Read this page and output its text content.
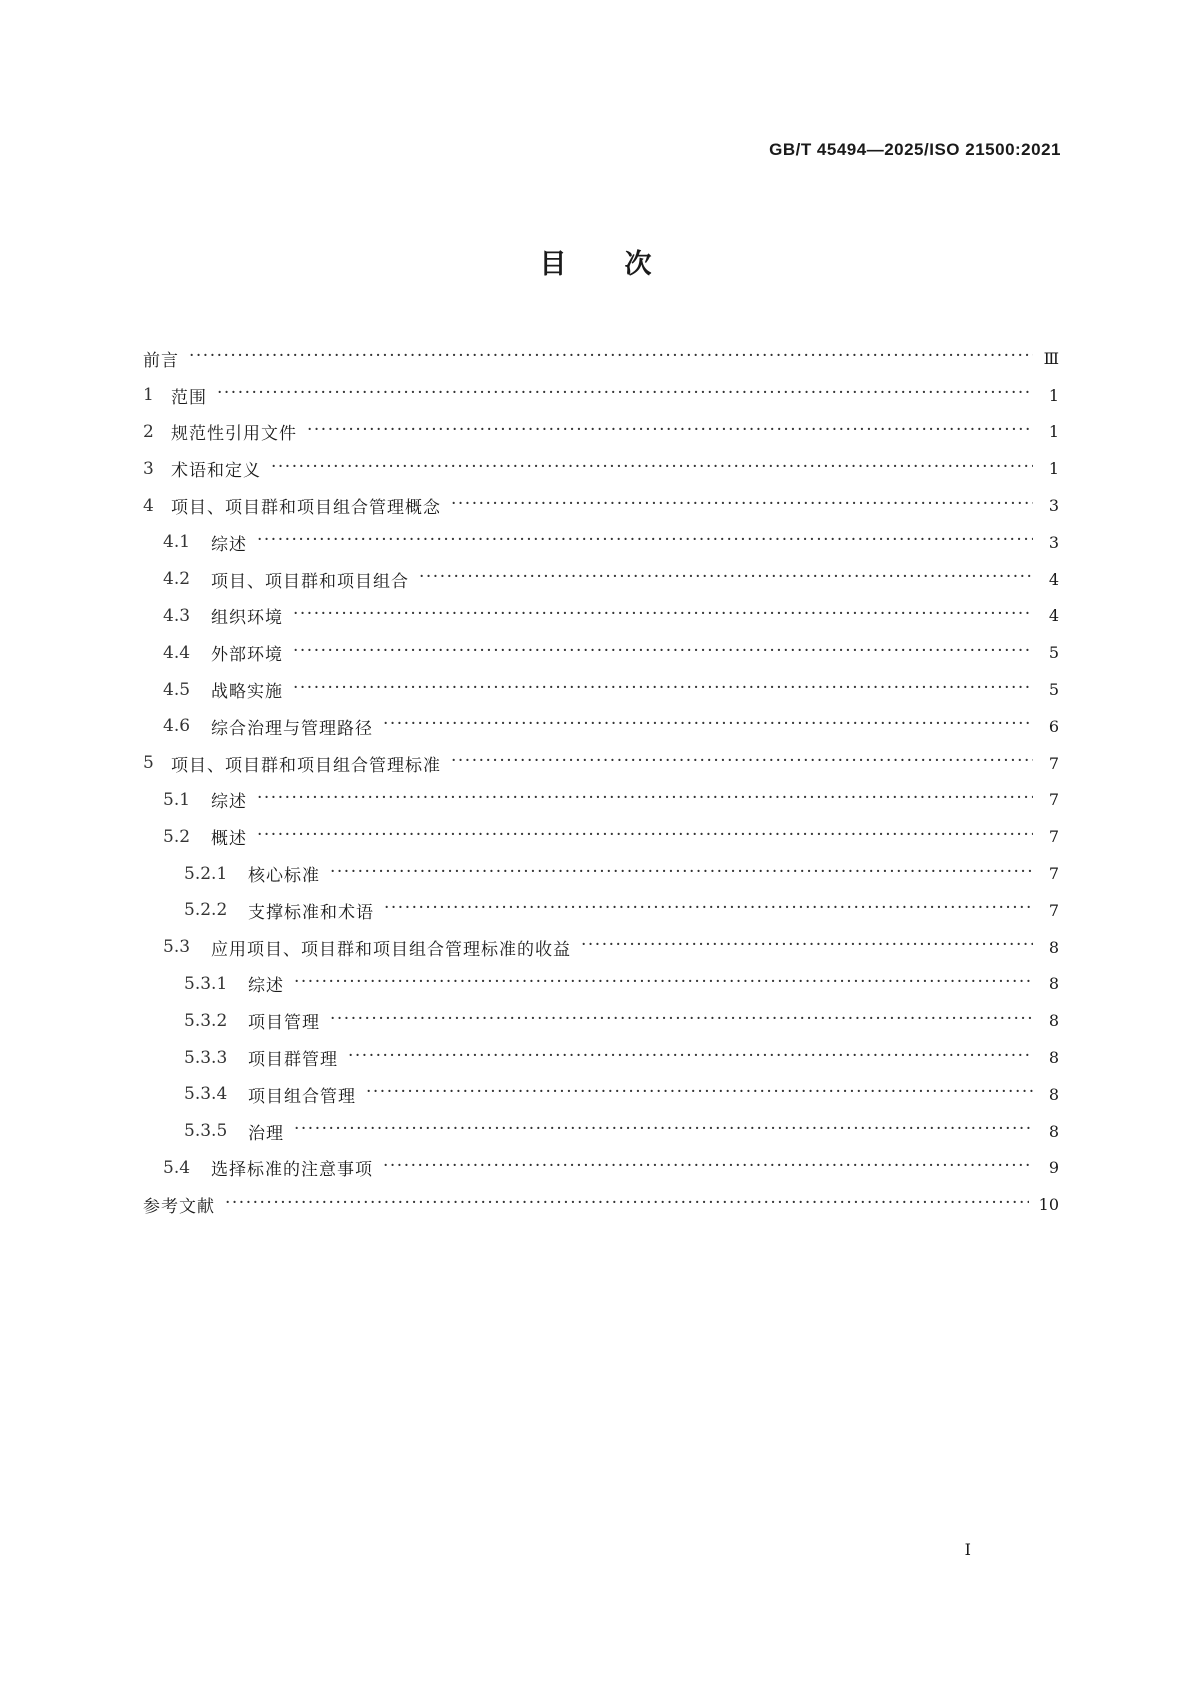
GB/T 45494—2025/ISO 21500:2021
目次
前言 ·····	Ⅲ
1	范围 ·····	1
2	规范性引用文件 ·····	1
3	术语和定义 ·····	1
4	项目、项目群和项目组合管理概念 ·····	3
4.1	综述 ·····	3
4.2	项目、项目群和项目组合 ·····	4
4.3	组织环境 ·····	4
4.4	外部环境 ·····	5
4.5	战略实施 ·····	5
4.6	综合治理与管理路径 ·····	6
5	项目、项目群和项目组合管理标准 ·····	7
5.1	综述 ·····	7
5.2	概述 ·····	7
5.2.1	核心标准 ·····	7
5.2.2	支撑标准和术语 ·····	7
5.3	应用项目、项目群和项目组合管理标准的收益 ·····	8
5.3.1	综述 ·····	8
5.3.2	项目管理 ·····	8
5.3.3	项目群管理 ·····	8
5.3.4	项目组合管理 ·····	8
5.3.5	治理 ·····	8
5.4	选择标准的注意事项 ·····	9
参考文献 ·····	10
I
